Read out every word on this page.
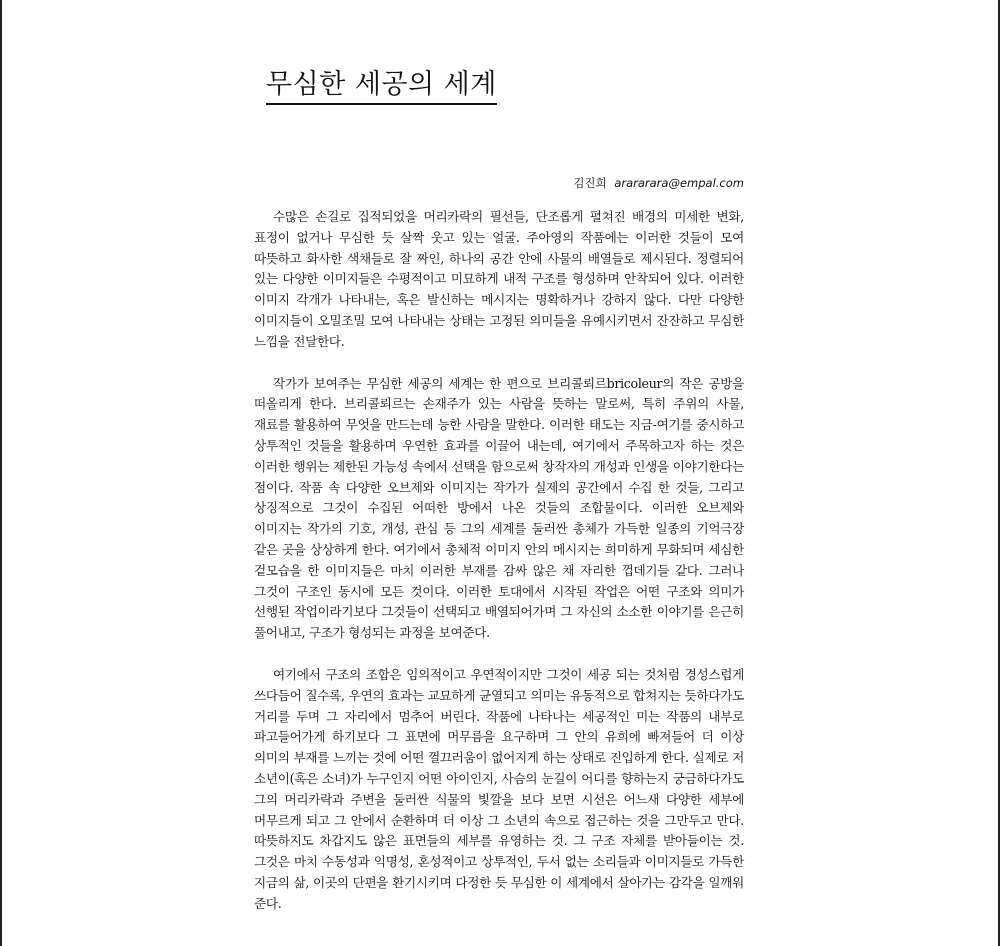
무심한 세공의 세계
김진희 arararara@empal.com

수많은 손길로 집적되었을 머리카락의 필선들, 단조롭게 펼쳐진 배경의 미세한 변화, 표정이 없거나 무심한 듯 살짝 웃고 있는 얼굴. 주아영의 작품에는 이러한 것들이 모여 따뜻하고 화사한 색채들로 잘 짜인, 하나의 공간 안에 사물의 배열들로 제시된다. 정렬되어 있는 다양한 이미지들은 수평적이고 미묘하게 내적 구조를 형성하며 안착되어 있다. 이러한 이미지 각개가 나타내는, 혹은 발신하는 메시지는 명확하거나 강하지 않다. 다만 다양한 이미지들이 오밀조밀 모여 나타내는 상태는 고정된 의미들을 유예시키면서 잔잔하고 무심한 느낌을 전달한다.

작가가 보여주는 무심한 세공의 세계는 한 편으로 브리콜뢰르bricoleur의 작은 공방을 떠올리게 한다. 브리콜뢰르는 손재주가 있는 사람을 뜻하는 말로써, 특히 주위의 사물, 재료를 활용하여 무엇을 만드는데 능한 사람을 말한다. 이러한 태도는 지금-여기를 중시하고 상투적인 것들을 활용하며 우연한 효과를 이끌어 내는데, 여기에서 주목하고자 하는 것은 이러한 행위는 제한된 가능성 속에서 선택을 함으로써 창작자의 개성과 인생을 이야기한다는 점이다. 작품 속 다양한 오브제와 이미지는 작가가 실제의 공간에서 수집 한 것들, 그리고 상징적으로 그것이 수집된 어떠한 방에서 나온 것들의 조합물이다. 이러한 오브제와 이미지는 작가의 기호, 개성, 관심 등 그의 세계를 둘러싼 총체가 가득한 일종의 기억극장 같은 곳을 상상하게 한다. 여기에서 총체적 이미지 안의 메시지는 희미하게 무화되며 세심한 겉모습을 한 이미지들은 마치 이러한 부재를 감싸 않은 채 자리한 껍데기들 같다. 그러나 그것이 구조인 동시에 모든 것이다. 이러한 토대에서 시작된 작업은 어떤 구조와 의미가 선행된 작업이라기보다 그것들이 선택되고 배열되어가며 그 자신의 소소한 이야기를 은근히 풀어내고, 구조가 형성되는 과정을 보여준다.

여기에서 구조의 조합은 임의적이고 우연적이지만 그것이 세공 되는 것처럼 경성스럽게 쓰다듬어 질수록, 우연의 효과는 교묘하게 균열되고 의미는 유동적으로 합쳐지는 듯하다가도 거리를 두며 그 자리에서 멈추어 버린다. 작품에 나타나는 세공적인 미는 작품의 내부로 파고들어가게 하기보다 그 표면에 머무름을 요구하며 그 안의 유희에 빠져들어 더 이상 의미의 부재를 느끼는 것에 어떤 껄끄러움이 없어지게 하는 상태로 진입하게 한다. 실제로 저 소년이(혹은 소녀)가 누구인지 어떤 아이인지, 사슴의 눈길이 어디를 향하는지 궁금하다가도 그의 머리카락과 주변을 둘러싼 식물의 빛깔을 보다 보면 시선은 어느새 다양한 세부에 머무르게 되고 그 안에서 순환하며 더 이상 그 소년의 속으로 접근하는 것을 그만두고 만다. 따뜻하지도 차갑지도 않은 표면들의 세부를 유영하는 것. 그 구조 자체를 받아들이는 것. 그것은 마치 수동성과 익명성, 혼성적이고 상투적인, 두서 없는 소리들과 이미지들로 가득한 지금의 삶, 이곳의 단편을 환기시키며 다정한 듯 무심한 이 세계에서 살아가는 감각을 일깨워 준다.
